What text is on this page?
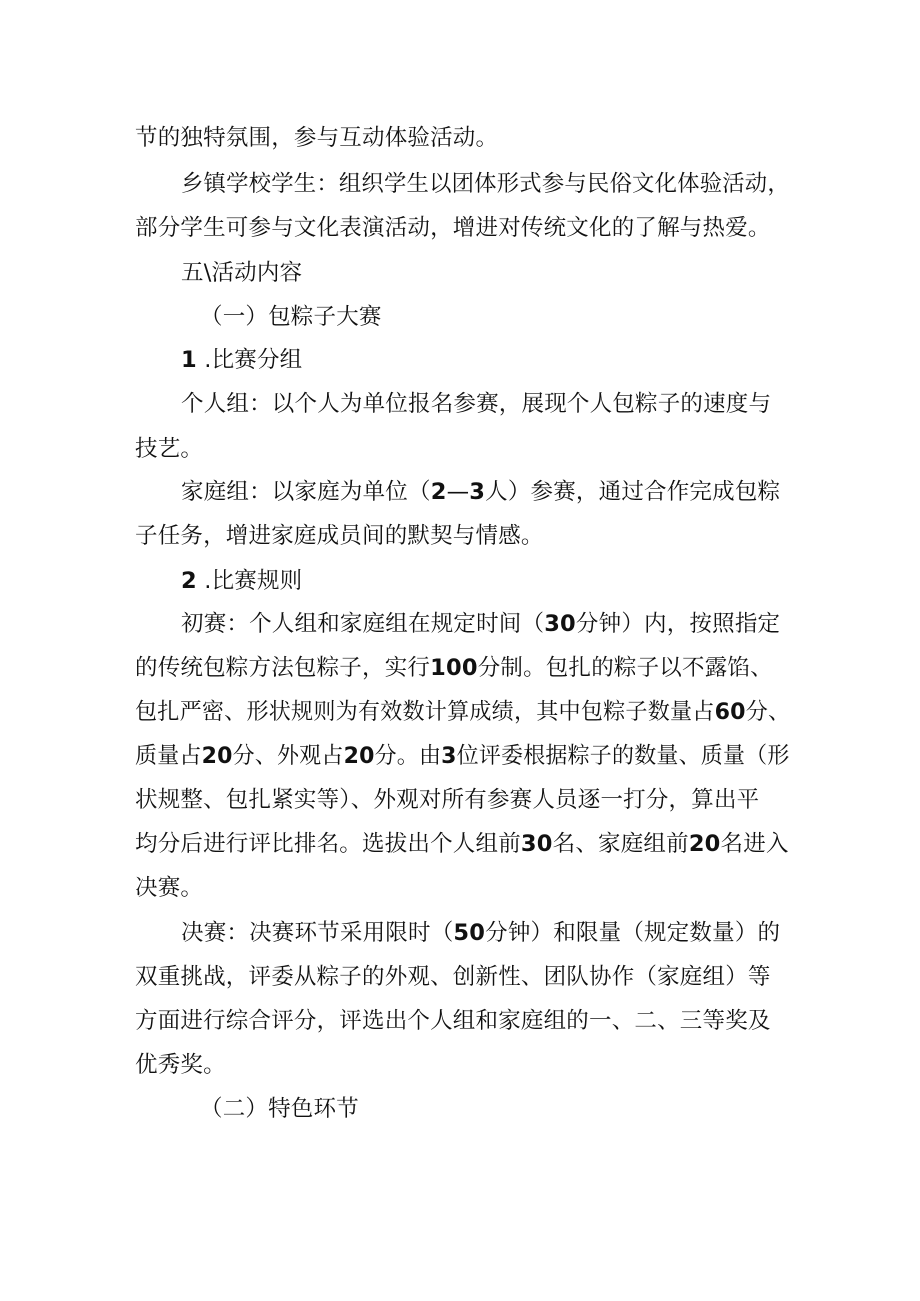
节的独特氛围，参与互动体验活动。
乡镇学校学生：组织学生以团体形式参与民俗文化体验活动，
部分学生可参与文化表演活动，增进对传统文化的了解与热爱。
五\活动内容
（一）包粽子大赛
1 .比赛分组
个人组：以个人为单位报名参赛，展现个人包粽子的速度与
技艺。
家庭组：以家庭为单位（2—3人）参赛，通过合作完成包粽
子任务，增进家庭成员间的默契与情感。
2 .比赛规则
初赛：个人组和家庭组在规定时间（30分钟）内，按照指定
的传统包粽方法包粽子，实行100分制。包扎的粽子以不露馅、
包扎严密、形状规则为有效数计算成绩，其中包粽子数量占60分、
质量占20分、外观占20分。由3位评委根据粽子的数量、质量（形
状规整、包扎紧实等）、外观对所有参赛人员逐一打分，算出平
均分后进行评比排名。选拔出个人组前30名、家庭组前20名进入
决赛。
决赛：决赛环节采用限时（50分钟）和限量（规定数量）的
双重挑战，评委从粽子的外观、创新性、团队协作（家庭组）等
方面进行综合评分，评选出个人组和家庭组的一、二、三等奖及
优秀奖。
（二）特色环节
